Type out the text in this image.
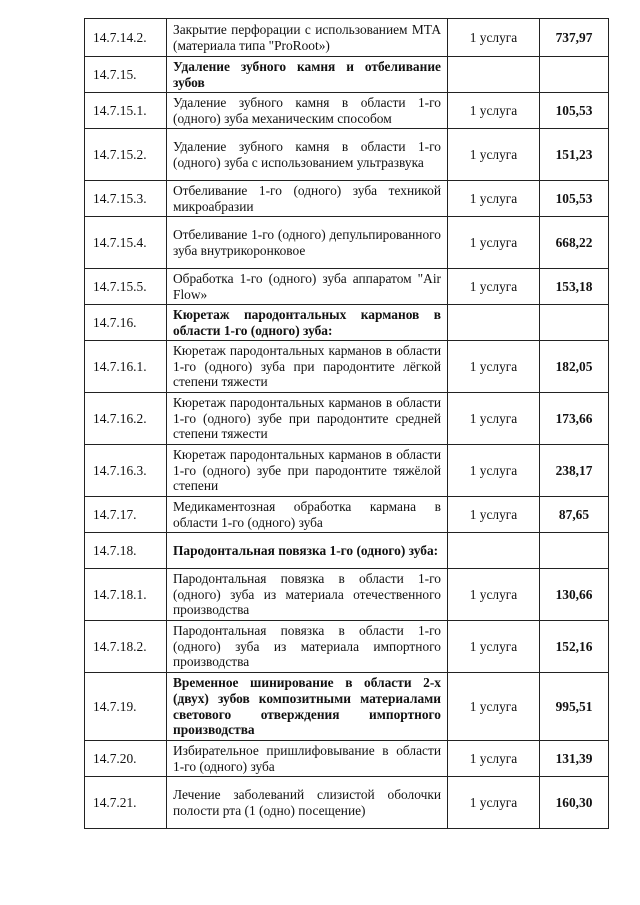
14.7.14.2.	Закрытие перфорации с использованием МТА (материала типа "ProRoot»)	1 услуга	737,97
14.7.15.	Удаление зубного камня и отбеливание зубов		
14.7.15.1.	Удаление зубного камня в области 1-го (одного) зуба механическим способом	1 услуга	105,53
14.7.15.2.	Удаление зубного камня в области 1-го (одного) зуба с использованием ультразвука	1 услуга	151,23
14.7.15.3.	Отбеливание 1-го (одного) зуба техникой микроабразии	1 услуга	105,53
14.7.15.4.	Отбеливание 1-го (одного) депульпированного зуба внутрикоронковое	1 услуга	668,22
14.7.15.5.	Обработка 1-го (одного) зуба аппаратом "Air Flow»	1 услуга	153,18
14.7.16.	Кюретаж пародонтальных карманов в области 1-го (одного) зуба:		
14.7.16.1.	Кюретаж пародонтальных карманов в области 1-го (одного) зуба при пародонтите лёгкой степени тяжести	1 услуга	182,05
14.7.16.2.	Кюретаж пародонтальных карманов в области 1-го (одного) зубе при пародонтите средней степени тяжести	1 услуга	173,66
14.7.16.3.	Кюретаж пародонтальных карманов в области 1-го (одного) зубе при пародонтите тяжёлой степени	1 услуга	238,17
14.7.17.	Медикаментозная обработка кармана в области 1-го (одного) зуба	1 услуга	87,65
14.7.18.	Пародонтальная повязка 1-го (одного) зуба:		
14.7.18.1.	Пародонтальная повязка в области 1-го (одного) зуба из материала отечественного производства	1 услуга	130,66
14.7.18.2.	Пародонтальная повязка в области 1-го (одного) зуба из материала импортного производства	1 услуга	152,16
14.7.19.	Временное шинирование в области 2-х (двух) зубов композитными материалами светового отверждения импортного производства	1 услуга	995,51
14.7.20.	Избирательное пришлифовывание в области 1-го (одного) зуба	1 услуга	131,39
14.7.21.	Лечение заболеваний слизистой оболочки полости рта (1 (одно) посещение)	1 услуга	160,30
